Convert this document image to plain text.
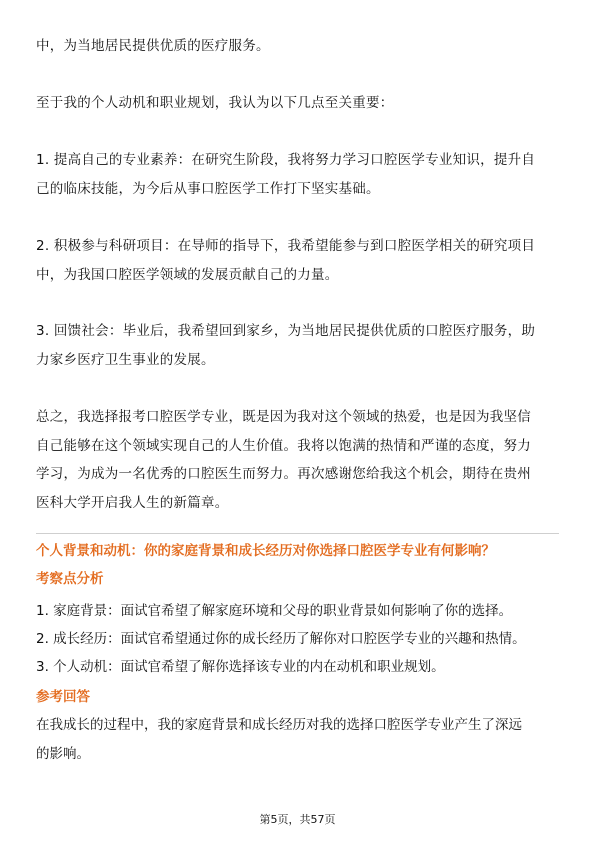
中，为当地居民提供优质的医疗服务。

至于我的个人动机和职业规划，我认为以下几点至关重要：

1. 提高自己的专业素养：在研究生阶段，我将努力学习口腔医学专业知识，提升自
己的临床技能，为今后从事口腔医学工作打下坚实基础。

2. 积极参与科研项目：在导师的指导下，我希望能参与到口腔医学相关的研究项目
中，为我国口腔医学领域的发展贡献自己的力量。

3. 回馈社会：毕业后，我希望回到家乡，为当地居民提供优质的口腔医疗服务，助
力家乡医疗卫生事业的发展。

总之，我选择报考口腔医学专业，既是因为我对这个领域的热爱，也是因为我坚信
自己能够在这个领域实现自己的人生价值。我将以饱满的热情和严谨的态度，努力
学习，为成为一名优秀的口腔医生而努力。再次感谢您给我这个机会，期待在贵州
医科大学开启我人生的新篇章。

个人背景和动机：你的家庭背景和成长经历对你选择口腔医学专业有何影响？
考察点分析
1. 家庭背景：面试官希望了解家庭环境和父母的职业背景如何影响了你的选择。
2. 成长经历：面试官希望通过你的成长经历了解你对口腔医学专业的兴趣和热情。
3. 个人动机：面试官希望了解你选择该专业的内在动机和职业规划。
参考回答

在我成长的过程中，我的家庭背景和成长经历对我的选择口腔医学专业产生了深远
的影响。

第5页，共57页
